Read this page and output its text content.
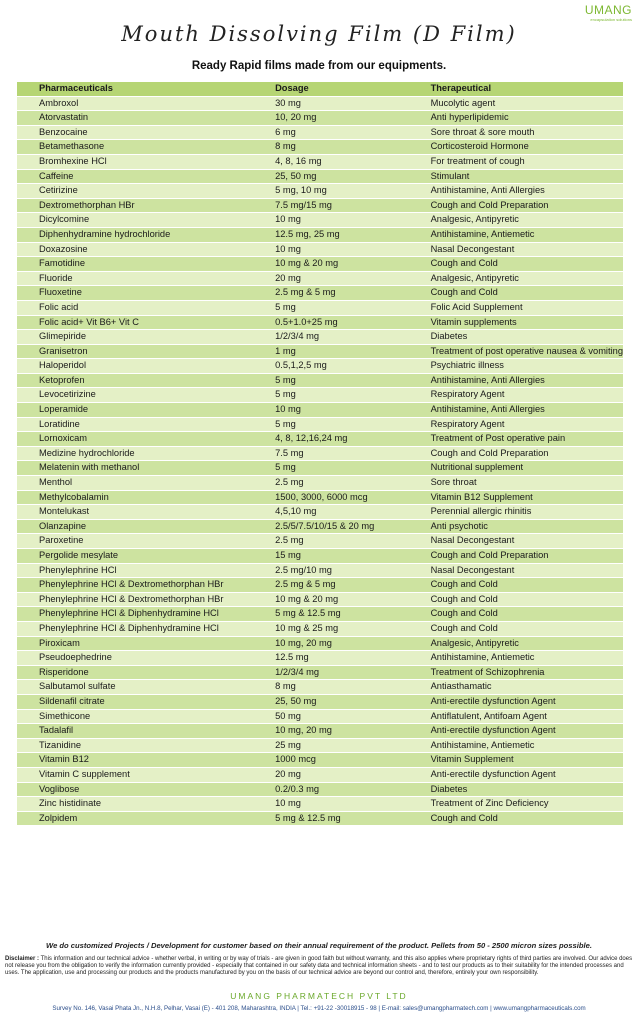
UMANG
encapsulation solutions
Mouth Dissolving Film (D Film)
Ready Rapid films made from our equipments.
Pharmaceuticals	Dosage	Therapeutical
Ambroxol	30 mg	Mucolytic agent
Atorvastatin	10, 20 mg	Anti hyperlipidemic
Benzocaine	6 mg	Sore throat & sore mouth
Betamethasone	8 mg	Corticosteroid Hormone
Bromhexine HCl	4, 8, 16 mg	For treatment of cough
Caffeine	25, 50 mg	Stimulant
Cetirizine	5 mg, 10 mg	Antihistamine, Anti Allergies
Dextromethorphan HBr	7.5 mg/15 mg	Cough and Cold Preparation
Dicylcomine	10 mg	Analgesic, Antipyretic
Diphenhydramine hydrochloride	12.5 mg, 25 mg	Antihistamine, Antiemetic
Doxazosine	10 mg	Nasal Decongestant
Famotidine	10 mg & 20 mg	Cough and Cold
Fluoride	20 mg	Analgesic, Antipyretic
Fluoxetine	2.5 mg & 5 mg	Cough and Cold
Folic acid	5 mg	Folic Acid Supplement
Folic acid+ Vit B6+ Vit C	0.5+1.0+25 mg	Vitamin supplements
Glimepiride	1/2/3/4 mg	Diabetes
Granisetron	1 mg	Treatment of post operative nausea & vomiting
Haloperidol	0.5,1,2,5 mg	Psychiatric illness
Ketoprofen	5 mg	Antihistamine, Anti Allergies
Levocetirizine	5 mg	Respiratory Agent
Loperamide	10 mg	Antihistamine, Anti Allergies
Loratidine	5 mg	Respiratory Agent
Lornoxicam	4, 8, 12,16,24 mg	Treatment of Post operative pain
Medizine hydrochloride	7.5 mg	Cough and Cold Preparation
Melatenin with methanol	5 mg	Nutritional supplement
Menthol	2.5 mg	Sore throat
Methylcobalamin	1500, 3000, 6000 mcg	Vitamin B12 Supplement
Montelukast	4,5,10 mg	Perennial allergic rhinitis
Olanzapine	2.5/5/7.5/10/15 & 20 mg	Anti psychotic
Paroxetine	2.5 mg	Nasal Decongestant
Pergolide mesylate	15 mg	Cough and Cold Preparation
Phenylephrine HCl	2.5 mg/10 mg	Nasal Decongestant
Phenylephrine HCl & Dextromethorphan HBr	2.5 mg & 5 mg	Cough and Cold
Phenylephrine HCl & Dextromethorphan HBr	10 mg & 20 mg	Cough and Cold
Phenylephrine HCl & Diphenhydramine HCl	5 mg & 12.5 mg	Cough and Cold
Phenylephrine HCl & Diphenhydramine HCl	10 mg & 25 mg	Cough and Cold
Piroxicam	10 mg, 20 mg	Analgesic, Antipyretic
Pseudoephedrine	12.5 mg	Antihistamine, Antiemetic
Risperidone	1/2/3/4 mg	Treatment of Schizophrenia
Salbutamol sulfate	8 mg	Antiasthamatic
Sildenafil citrate	25, 50 mg	Anti-erectile dysfunction Agent
Simethicone	50 mg	Antiflatulent, Antifoam Agent
Tadalafil	10 mg, 20 mg	Anti-erectile dysfunction Agent
Tizanidine	25 mg	Antihistamine, Antiemetic
Vitamin B12	1000 mcg	Vitamin Supplement
Vitamin C supplement	20 mg	Anti-erectile dysfunction Agent
Voglibose	0.2/0.3 mg	Diabetes
Zinc histidinate	10 mg	Treatment of Zinc Deficiency
Zolpidem	5 mg & 12.5 mg	Cough and Cold
We do customized Projects / Development for customer based on their annual requirement of the product. Pellets from 50 - 2500 micron sizes possible.
Disclaimer : This information and our technical advice - whether verbal, in writing or by way of trials - are given in good faith but without warranty, and this also applies where proprietary rights of third parties are involved. Our advice does not release you from the obligation to verify the information currently provided - especially that contained in our safety data and technical information sheets - and to test our products as to their suitability for the intended processes and uses. The application, use and processing our products and the products manufactured by you on the basis of our technical advice are beyond our control and, therefore, entirely your own responsibility.
UMANG PHARMATECH PVT LTD
Survey No. 146, Vasai Phata Jn., N.H.8, Pelhar, Vasai (E) - 401 208, Maharashtra, INDIA | Tel.: +91-22 -30018915 - 98 | E-mail: sales@umangpharmatech.com | www.umangpharmaceuticals.com
